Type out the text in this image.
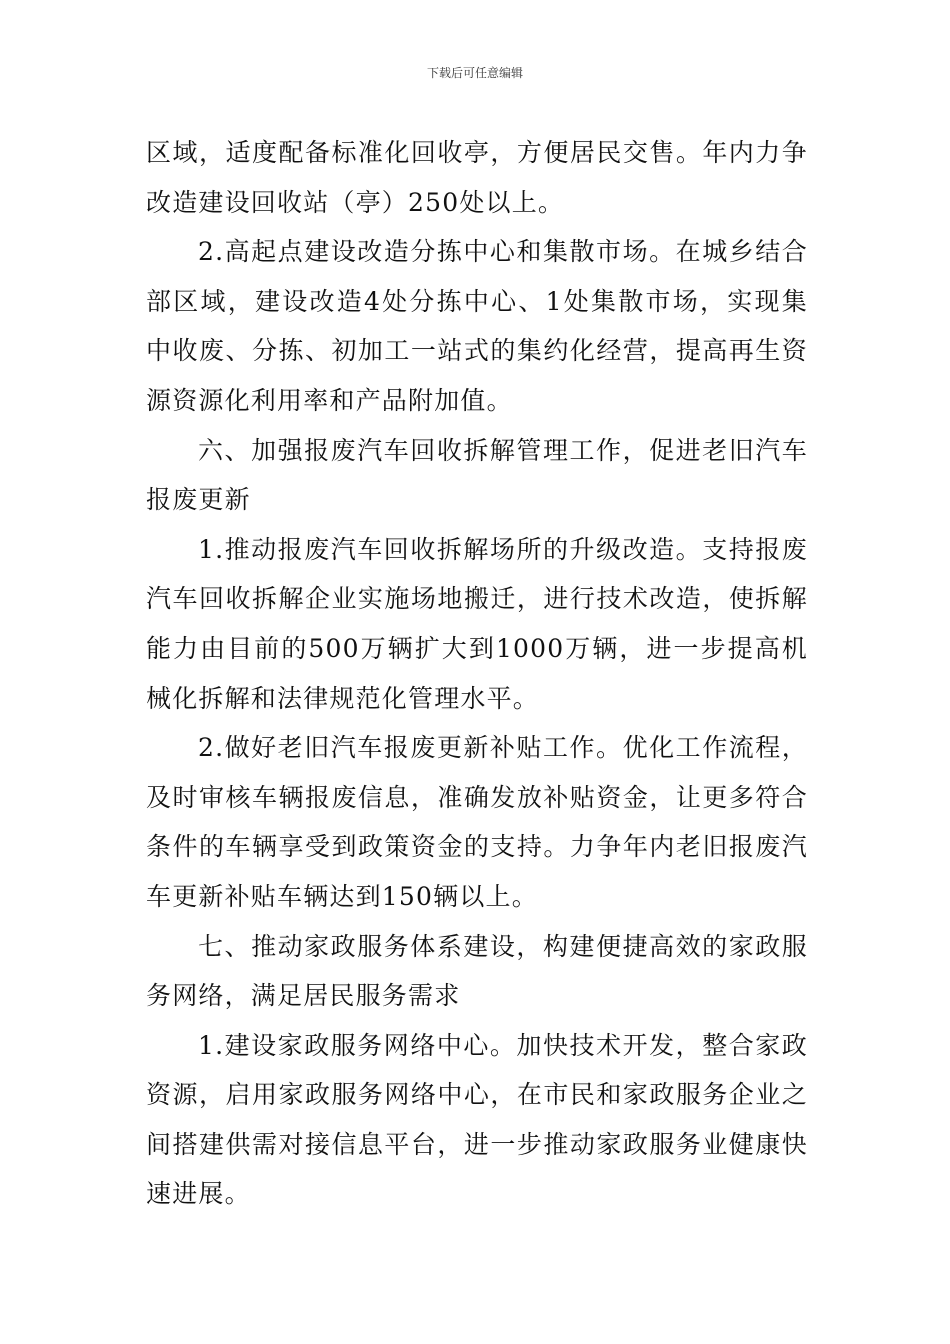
下载后可任意编辑

区域，适度配备标准化回收亭，方便居民交售。年内力争改造建设回收站（亭）250处以上。

2.高起点建设改造分拣中心和集散市场。在城乡结合部区域，建设改造4处分拣中心、1处集散市场，实现集中收废、分拣、初加工一站式的集约化经营，提高再生资源资源化利用率和产品附加值。

六、加强报废汽车回收拆解管理工作，促进老旧汽车报废更新

1.推动报废汽车回收拆解场所的升级改造。支持报废汽车回收拆解企业实施场地搬迁，进行技术改造，使拆解能力由目前的500万辆扩大到1000万辆，进一步提高机械化拆解和法律规范化管理水平。

2.做好老旧汽车报废更新补贴工作。优化工作流程，及时审核车辆报废信息，准确发放补贴资金，让更多符合条件的车辆享受到政策资金的支持。力争年内老旧报废汽车更新补贴车辆达到150辆以上。

七、推动家政服务体系建设，构建便捷高效的家政服务网络，满足居民服务需求

1.建设家政服务网络中心。加快技术开发，整合家政资源，启用家政服务网络中心，在市民和家政服务企业之间搭建供需对接信息平台，进一步推动家政服务业健康快速进展。
